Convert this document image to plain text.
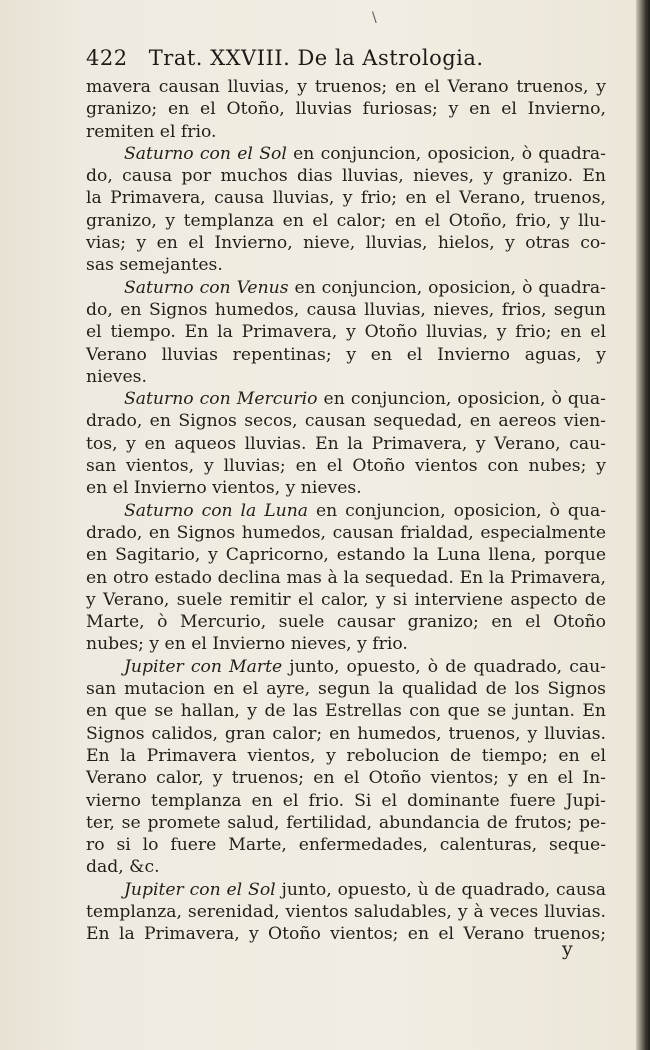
\
422 Trat. XXVIII. De la Astrologia.
mavera causan lluvias, y truenos; en el Verano truenos, y
granizo; en el Otoño, lluvias furiosas; y en el Invierno,
remiten el frio.
Saturno con el Sol en conjuncion, oposicion, ò quadra-
do, causa por muchos dias lluvias, nieves, y granizo. En
la Primavera, causa lluvias, y frio; en el Verano, truenos,
granizo, y templanza en el calor; en el Otoño, frio, y llu-
vias; y en el Invierno, nieve, lluvias, hielos, y otras co-
sas semejantes.
Saturno con Venus en conjuncion, oposicion, ò quadra-
do, en Signos humedos, causa lluvias, nieves, frios, segun
el tiempo. En la Primavera, y Otoño lluvias, y frio; en el
Verano lluvias repentinas; y en el Invierno aguas, y
nieves.
Saturno con Mercurio en conjuncion, oposicion, ò qua-
drado, en Signos secos, causan sequedad, en aereos vien-
tos, y en aqueos lluvias. En la Primavera, y Verano, cau-
san vientos, y lluvias; en el Otoño vientos con nubes; y
en el Invierno vientos, y nieves.
Saturno con la Luna en conjuncion, oposicion, ò qua-
drado, en Signos humedos, causan frialdad, especialmente
en Sagitario, y Capricorno, estando la Luna llena, porque
en otro estado declina mas à la sequedad. En la Primavera,
y Verano, suele remitir el calor, y si interviene aspecto de
Marte, ò Mercurio, suele causar granizo; en el Otoño
nubes; y en el Invierno nieves, y frio.
Jupiter con Marte junto, opuesto, ò de quadrado, cau-
san mutacion en el ayre, segun la qualidad de los Signos
en que se hallan, y de las Estrellas con que se juntan. En
Signos calidos, gran calor; en humedos, truenos, y lluvias.
En la Primavera vientos, y rebolucion de tiempo; en el
Verano calor, y truenos; en el Otoño vientos; y en el In-
vierno templanza en el frio. Si el dominante fuere Jupi-
ter, se promete salud, fertilidad, abundancia de frutos; pe-
ro si lo fuere Marte, enfermedades, calenturas, seque-
dad, &c.
Jupiter con el Sol junto, opuesto, ù de quadrado, causa
templanza, serenidad, vientos saludables, y à veces lluvias.
En la Primavera, y Otoño vientos; en el Verano truenos;
y
